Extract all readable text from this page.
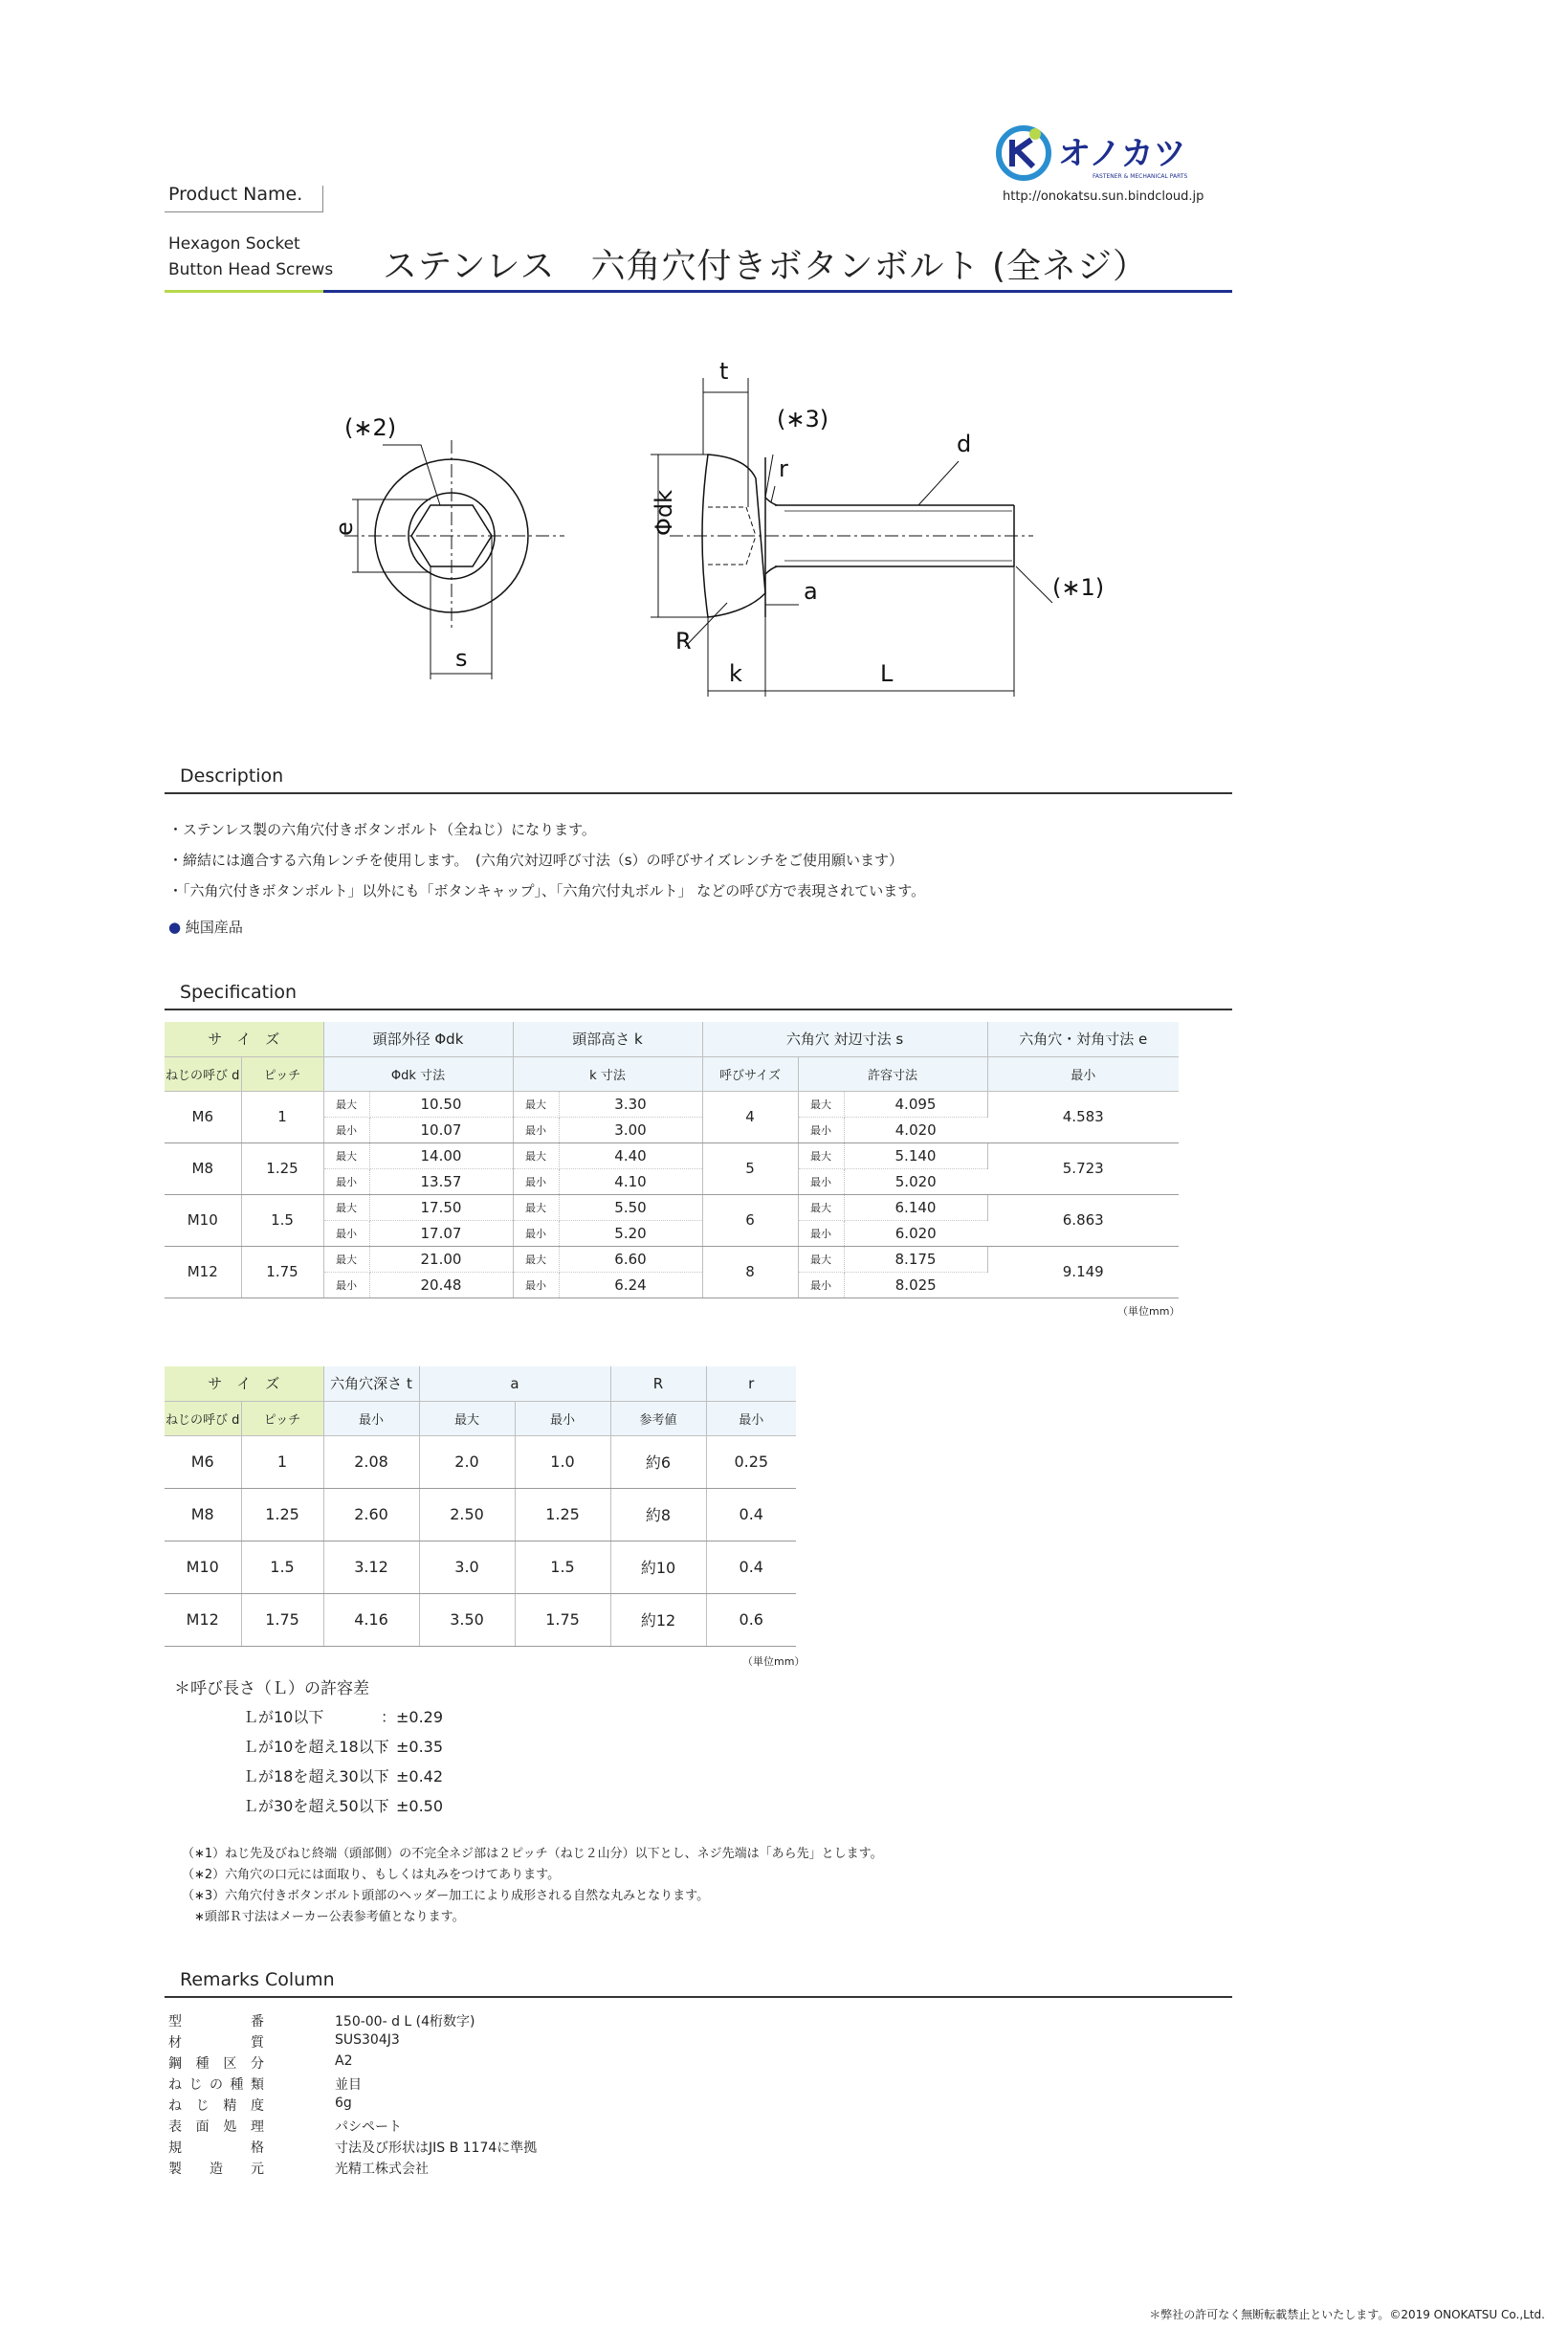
オノカツ
FASTENER & MECHANICAL PARTS
http://onokatsu.sun.bindcloud.jp
Product Name.
Hexagon Socket
Button Head Screws ステンレス　六角穴付きボタンボルト (全ネジ）
(∗2)
e
s
t
(∗3)
r
d
Φdk
a	(∗1)
R
k	L
Description
・ステンレス製の六角穴付きボタンボルト（全ねじ）になります。
・締結には適合する六角レンチを使用します。　(六角穴対辺呼び寸法（s）の呼びサイズレンチをご使用願います）
・「六角穴付きボタンボルト」以外にも「ボタンキャップ」、「六角穴付丸ボルト」 などの呼び方で表現されています。
● 純国産品
Specification
サ　イ　ズ		頭部外径 Φdk		頭部高さ k		六角穴 対辺寸法 s			六角穴・対角寸法 e
ねじの呼び d	ピッチ	Φdk 寸法		k 寸法		呼びサイズ	許容寸法		最小
M6	1	最大	10.50	最大	3.30	4	最大	4.095	4.583
		最小	10.07	最小	3.00		最小	4.020	
M8	1.25	最大	14.00	最大	4.40	5	最大	5.140	5.723
		最小	13.57	最小	4.10		最小	5.020	
M10	1.5	最大	17.50	最大	5.50	6	最大	6.140	6.863
		最小	17.07	最小	5.20		最小	6.020	
M12	1.75	最大	21.00	最大	6.60	8	最大	8.175	9.149
		最小	20.48	最小	6.24		最小	8.025	
（単位mm）
サ　イ　ズ		六角穴深さ t	a		R	r
ねじの呼び d	ピッチ	最小	最大	最小	参考値	最小
M6	1	2.08	2.0	1.0	約6	0.25
M8	1.25	2.60	2.50	1.25	約8	0.4
M10	1.5	3.12	3.0	1.5	約10	0.4
M12	1.75	4.16	3.50	1.75	約12	0.6
（単位mm）
＊呼び長さ（Ｌ）の許容差
Ｌが10以下	：±0.29
Ｌが10を超え18以下
：±0.35
Ｌが18を超え30以下
：±0.42
Ｌが30を超え50以下
：±0.50
（∗1）ねじ先及びねじ終端（頭部側）の不完全ネジ部は２ピッチ（ねじ２山分）以下とし、ネジ先端は「あら先」とします。
（∗2）六角穴の口元には面取り、もしくは丸みをつけてあります。
（∗3）六角穴付きボタンボルト頭部のヘッダー加工により成形される自然な丸みとなります。
　∗頭部Ｒ寸法はメーカー公表参考値となります。
Remarks Column
型	番	150-00- d L (4桁数字)
材	質	SUS304J3
鋼 種 区 分	A2
ね じ の 種 類	並目
ね じ 精 度	6g
表 面 処 理	パシペート
規	格	寸法及び形状はJIS B 1174に準拠
製 造 元	光精工株式会社
＊弊社の許可なく無断転載禁止といたします。©2019 ONOKATSU Co.,Ltd.
